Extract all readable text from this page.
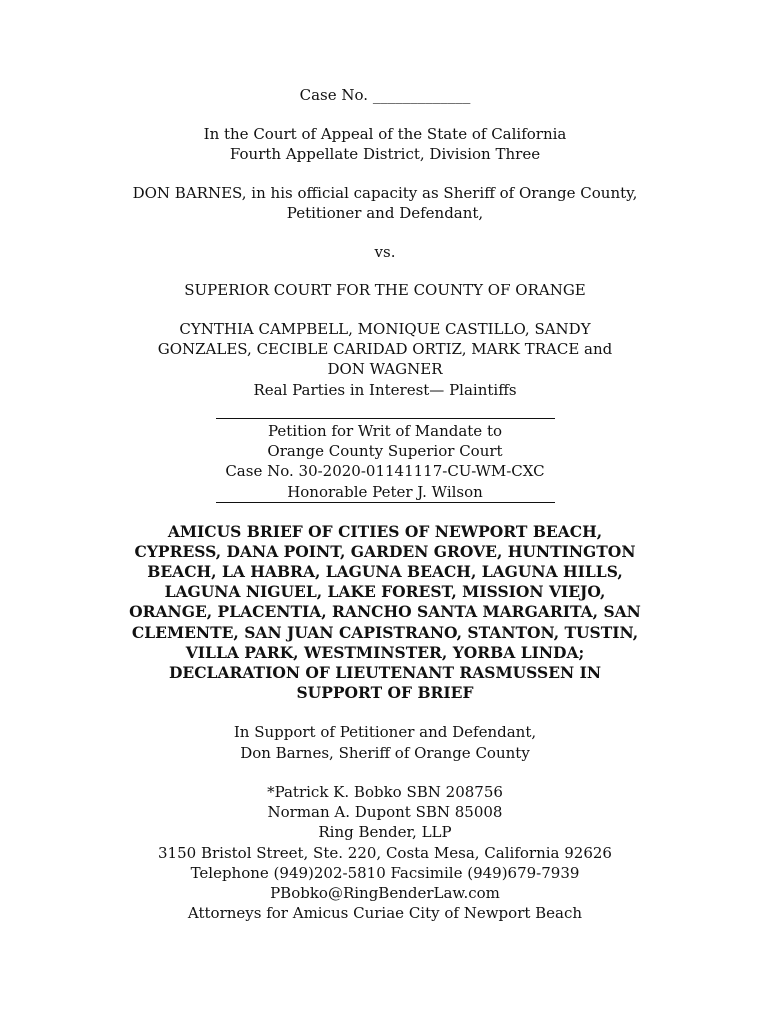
Case No. _____________
In the Court of Appeal of the State of California
Fourth Appellate District, Division Three
DON BARNES, in his official capacity as Sheriff of Orange County,
Petitioner and Defendant,
vs.
SUPERIOR COURT FOR THE COUNTY OF ORANGE
CYNTHIA CAMPBELL, MONIQUE CASTILLO, SANDY
GONZALES, CECIBLE CARIDAD ORTIZ, MARK TRACE and
DON WAGNER
Real Parties in Interest— Plaintiffs
Petition for Writ of Mandate to
Orange County Superior Court
Case No. 30-2020-01141117-CU-WM-CXC
Honorable Peter J. Wilson
AMICUS BRIEF OF CITIES OF NEWPORT BEACH,
CYPRESS, DANA POINT, GARDEN GROVE, HUNTINGTON
BEACH, LA HABRA, LAGUNA BEACH, LAGUNA HILLS,
LAGUNA NIGUEL, LAKE FOREST, MISSION VIEJO,
ORANGE, PLACENTIA, RANCHO SANTA MARGARITA, SAN
CLEMENTE, SAN JUAN CAPISTRANO, STANTON, TUSTIN,
VILLA PARK, WESTMINSTER, YORBA LINDA;
DECLARATION OF LIEUTENANT RASMUSSEN IN
SUPPORT OF BRIEF
In Support of Petitioner and Defendant,
Don Barnes, Sheriff of Orange County
*Patrick K. Bobko SBN 208756
Norman A. Dupont SBN 85008
Ring Bender, LLP
3150 Bristol Street, Ste. 220, Costa Mesa, California 92626
Telephone (949)202-5810 Facsimile (949)679-7939
PBobko@RingBenderLaw.com
Attorneys for Amicus Curiae City of Newport Beach
